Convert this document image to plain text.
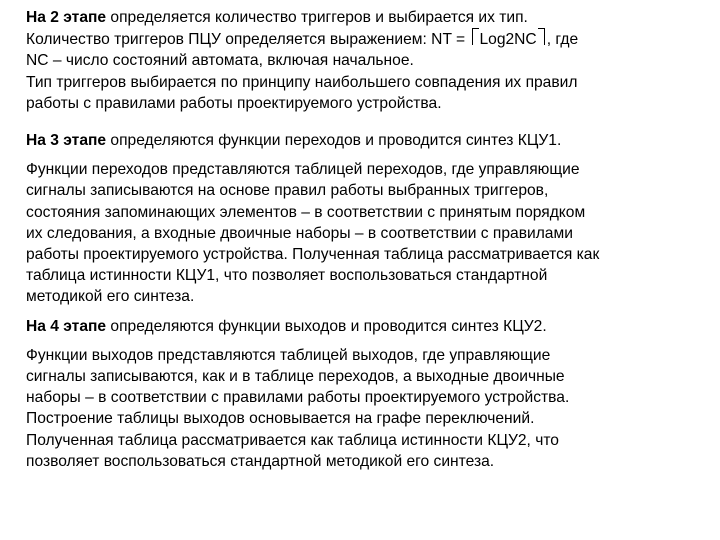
На 2 этапе определяется количество триггеров и выбирается их тип.

Количество триггеров ПЦУ определяется выражением: NT = Log2NC , где

NC – число состояний автомата, включая начальное.

Тип триггеров выбирается по принципу наибольшего совпадения их правил
работы с правилами работы проектируемого устройства.

На 3 этапе определяются функции переходов и проводится синтез КЦУ1.

Функции переходов представляются таблицей переходов, где управляющие
сигналы записываются на основе правил работы выбранных триггеров,
состояния запоминающих элементов – в соответствии с принятым порядком
их следования, а входные двоичные наборы – в соответствии с правилами
работы проектируемого устройства. Полученная таблица рассматривается как
таблица истинности КЦУ1, что позволяет воспользоваться стандартной
методикой его синтеза.

На 4 этапе определяются функции выходов и проводится синтез КЦУ2.

Функции выходов представляются таблицей выходов, где управляющие
сигналы записываются, как и в таблице переходов, а выходные двоичные
наборы – в соответствии с правилами работы проектируемого устройства.
Построение таблицы выходов основывается на графе переключений.
Полученная таблица рассматривается как таблица истинности КЦУ2, что
позволяет воспользоваться стандартной методикой его синтеза.
